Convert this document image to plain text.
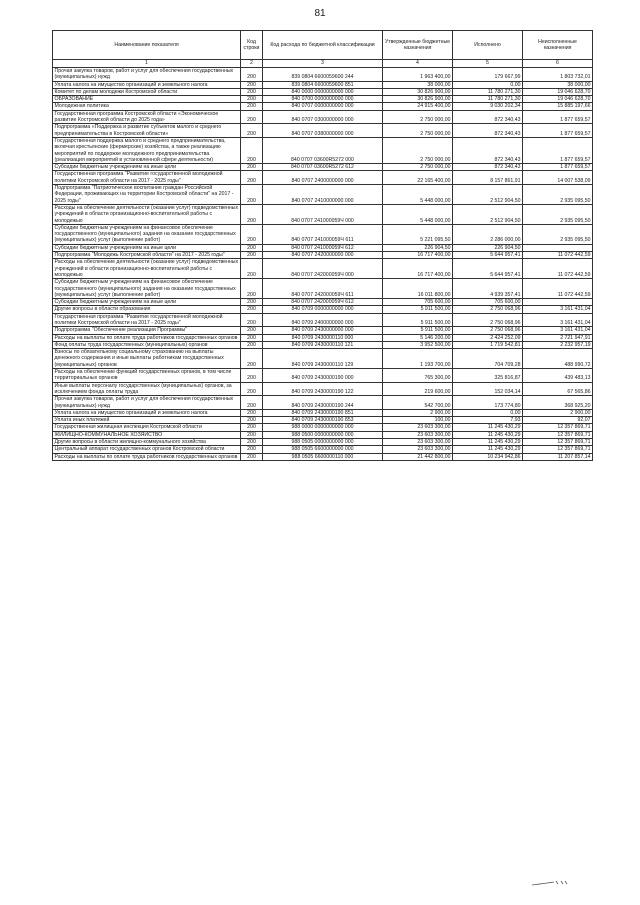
81
Наименование показателя	Код строки	Код расхода по бюджетной классификации	Утвержденные бюджетные назначения	Исполнено	Неисполненные назначения
1	2	3	4	5	6
Прочая закупка товаров, работ и услуг для обеспечения государственных (муниципальных) нужд	200	839 0804 6600059600 244	1 963 400,00	179 667,99	1 803 732,01
Уплата налога на имущество организаций и земельного налога	200	839 0804 6600059600 851	38 000,00	0,00	38 000,00
Комитет по делам молодежи Костромской области	200	840 0000 0000000000 000	30 826 900,00	11 780 271,30	19 046 628,70
ОБРАЗОВАНИЕ	200	840 0700 0000000000 000	30 826 900,00	11 780 271,30	19 046 628,70
Молодежная политика	200	840 0707 0000000000 000	24 915 400,00	9 030 202,34	15 885 197,66
Государственная программа Костромской области «Экономическое развитие Костромской области до 2025 года»	200	840 0707 0300000000 000	2 750 000,00	872 340,43	1 877 659,57
Подпрограмма «Поддержка и развитие субъектов малого и среднего предпринимательства в Костромской области»	200	840 0707 0380000000 000	2 750 000,00	872 340,43	1 877 659,57
Государственная поддержка малого и среднего предпринимательства, включая крестьянские (фермерские) хозяйства, а также реализацию мероприятий по поддержке молодежного предпринимательства (реализация мероприятий в установленной сфере деятельности)	200	840 0707 03600R5272 000	2 750 000,00	872 340,43	1 877 659,57
Субсидии бюджетным учреждениям на иные цели	200	840 0707 03600R5272 612	2 750 000,00	872 340,43	1 877 659,57
Государственная программа "Развитие государственной молодежной политики Костромской области на 2017 - 2025 годы"	200	840 0707 2400000000 000	22 165 400,00	8 157 861,91	14 007 538,09
Подпрограмма "Патриотическое воспитание граждан Российской Федерации, проживающих на территории Костромской области" на 2017 - 2025 годы"	200	840 0707 2410000000 000	5 448 000,00	2 512 904,50	2 935 095,50
Расходы на обеспечение деятельности (оказание услуг) подведомственных учреждений в области организационно-воспитательной работы с молодежью	200	840 0707 241000059Ч 000	5 448 000,00	2 512 904,50	2 935 095,50
Субсидии бюджетным учреждениям на финансовое обеспечение государственного (муниципального) задания на оказание государственных (муниципальных) услуг (выполнение работ)	200	840 0707 241000059Ч 611	5 221 095,50	2 286 000,00	2 935 095,50
Субсидии бюджетным учреждениям на иные цели	200	840 0707 241000059Ч 612	226 904,50	226 904,50	
Подпрограмма "Молодежь Костромской области" на 2017 - 2025 годы"	200	840 0707 2420000000 000	16 717 400,00	5 644 957,41	11 072 442,59
Расходы на обеспечение деятельности (оказание услуг) подведомственных учреждений в области организационно-воспитательной работы с молодежью	200	840 0707 242000059Ч 000	16 717 400,00	5 644 957,41	11 072 442,59
Субсидии бюджетным учреждениям на финансовое обеспечение государственного (муниципального) задания на оказание государственных (муниципальных) услуг (выполнение работ)	200	840 0707 242000059Ч 611	16 011 800,00	4 939 357,41	11 072 442,59
Субсидии бюджетным учреждениям на иные цели	200	840 0707 242000059Ч 612	705 600,00	705 600,00	
Другие вопросы в области образования	200	840 0709 0000000000 000	5 911 500,00	2 750 068,96	3 161 431,04
Государственная программа "Развитие государственной молодежной политики Костромской области на 2017 - 2025 годы"	200	840 0709 2400000000 000	5 911 500,00	2 750 068,96	3 161 431,04
Подпрограмма "Обеспечение реализации Программы"	200	840 0709 2430000000 000	5 911 500,00	2 750 068,96	3 161 431,04
Расходы на выплаты по оплате труда работников государственных органов	200	840 0709 2430000110 000	5 146 200,00	2 424 252,09	2 721 947,91
Фонд оплаты труда государственных (муниципальных) органов	200	840 0709 2430000110 121	3 952 500,00	1 719 542,81	2 232 957,19
Взносы по обязательному социальному страхованию на выплаты денежного содержания и иные выплаты работникам государственных (муниципальных) органов	200	840 0709 2430000110 129	1 193 700,00	704 709,28	488 990,72
Расходы на обеспечение функций государственных органов, в том числе территориальных органов	200	840 0709 2430000190 000	765 300,00	325 816,87	439 483,13
Иные выплаты персоналу государственных (муниципальных) органов, за исключением фонда оплаты труда	200	840 0709 2430000190 122	219 600,00	152 034,14	67 565,86
Прочая закупка товаров, работ и услуг для обеспечения государственных (муниципальных) нужд	200	840 0709 2430000190 244	542 700,00	173 774,80	368 925,20
Уплата налога на имущество организаций и земельного налога	200	840 0709 2430000190 851	2 900,00	0,00	2 900,00
Уплата иных платежей	200	840 0709 2430000190 853	100,00	7,93	92,07
Государственная жилищная инспекция Костромской области	200	988 0000 0000000000 000	23 603 300,00	11 245 430,29	12 357 869,71
ЖИЛИЩНО-КОММУНАЛЬНОЕ ХОЗЯЙСТВО	200	988 0500 0000000000 000	23 603 300,00	11 245 430,29	12 357 869,71
Другие вопросы в области жилищно-коммунального хозяйства	200	988 0505 0000000000 000	23 603 300,00	11 245 430,29	12 357 869,71
Центральный аппарат государственных органов Костромской области	200	988 0505 6600000000 000	23 603 300,00	11 245 430,29	12 357 869,71
Расходы на выплаты по оплате труда работников государственных органов	200	988 0505 6600000110 000	21 442 800,00	10 234 942,86	11 207 857,14
